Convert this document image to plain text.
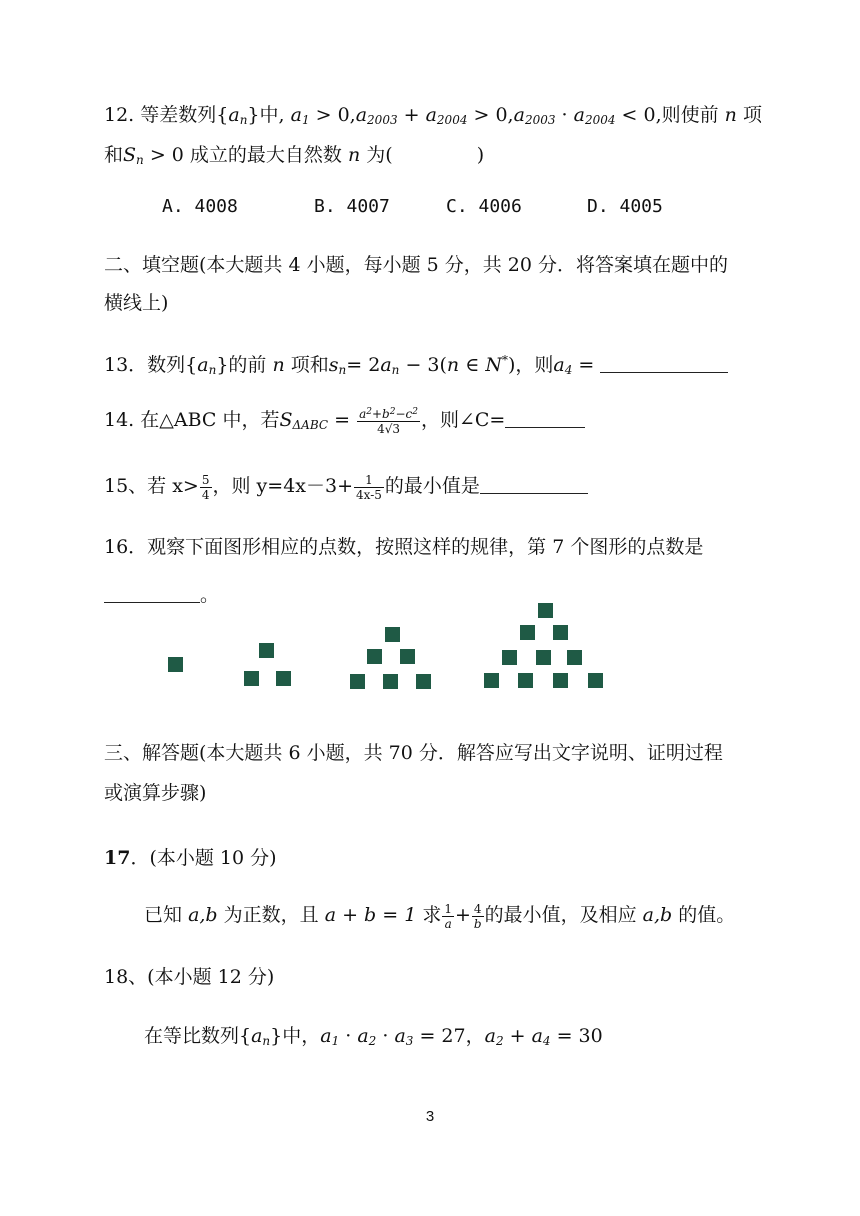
12. 等差数列$\{a_n\}$中, $a_1 > 0,a_{2003} + a_{2004} > 0,a_{2003} \cdot a_{2004} < 0$,则使前 n 项
和$S_n > 0$ 成立的最大自然数 n 为(	)
A. 4008	B. 4007	C. 4006	D. 4005
二、填空题(本大题共 4 小题，每小题 5 分，共 20 分．将答案填在题中的
横线上)
13．数列$\{a_n\}$的前 n 项和$s_n= 2a_n - 3(n$ ∈ N*)，则$a_4$ =
14. 在△ABC 中，若$S_{\Delta ABC} = \frac{a^2+b^2-c^2}{4√3}$ ，则∠C=
15、若 $x> \frac{5}{4}$ ，则 $y=4x-3+ \frac{1}{4x-5}$ 的最小值是
16．观察下面图形相应的点数，按照这样的规律，第 7 个图形的点数是
。
三、解答题(本大题共 6 小题，共 70 分．解答应写出文字说明、证明过程
或演算步骤)
17．(本小题 10 分)
已知 a,b 为正数，且 a + b = 1 求 $\frac{1}{a} + \frac{4}{b}$ 的最小值，及相应 a,b 的值。
18、(本小题 12 分)
在等比数列$\{a_n\}$中，$a_1 \cdot a_2 \cdot a_3 = 27$，$a_2 + a_4 = 30$
3
